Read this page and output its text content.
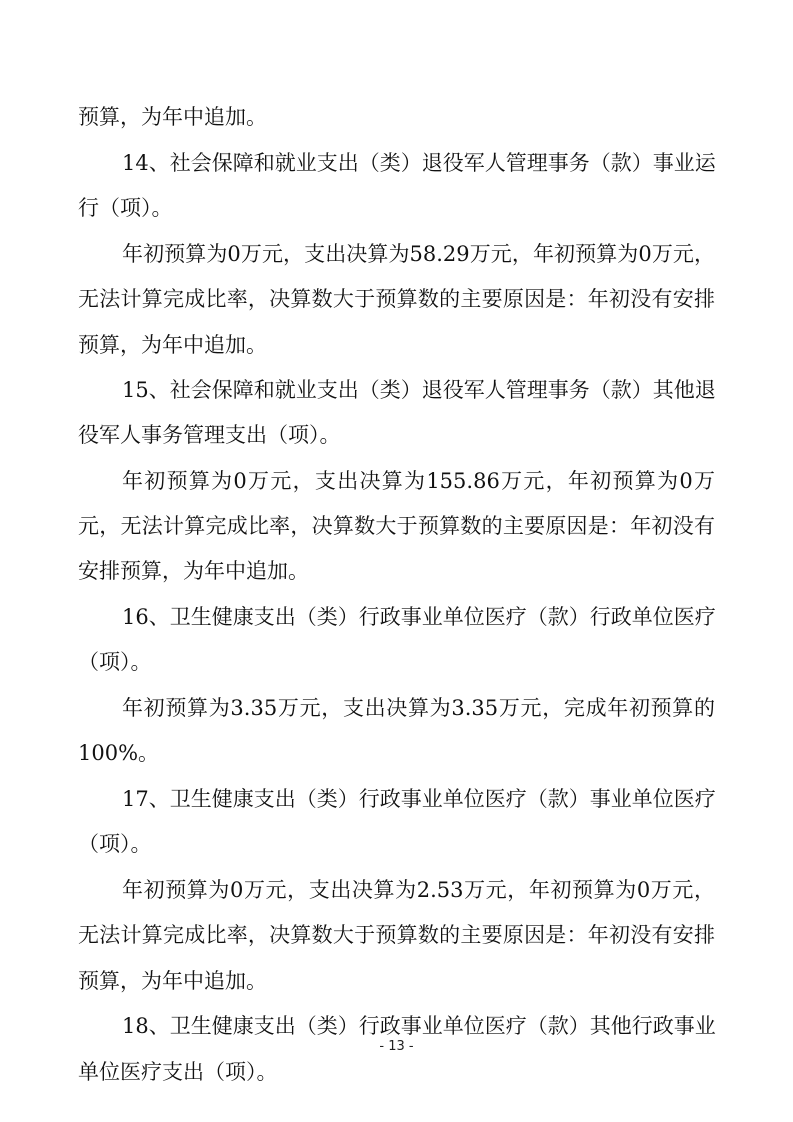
预算，为年中追加。
14、社会保障和就业支出（类）退役军人管理事务（款）事业运
行（项）。
年初预算为0万元，支出决算为58.29万元，年初预算为0万元，
无法计算完成比率，决算数大于预算数的主要原因是：年初没有安排
预算，为年中追加。
15、社会保障和就业支出（类）退役军人管理事务（款）其他退
役军人事务管理支出（项）。
年初预算为0万元，支出决算为155.86万元，年初预算为0万
元，无法计算完成比率，决算数大于预算数的主要原因是：年初没有
安排预算，为年中追加。
16、卫生健康支出（类）行政事业单位医疗（款）行政单位医疗
（项）。
年初预算为3.35万元，支出决算为3.35万元，完成年初预算的
100%。
17、卫生健康支出（类）行政事业单位医疗（款）事业单位医疗
（项）。
年初预算为0万元，支出决算为2.53万元，年初预算为0万元，
无法计算完成比率，决算数大于预算数的主要原因是：年初没有安排
预算，为年中追加。
18、卫生健康支出（类）行政事业单位医疗（款）其他行政事业
单位医疗支出（项）。
- 13 -
